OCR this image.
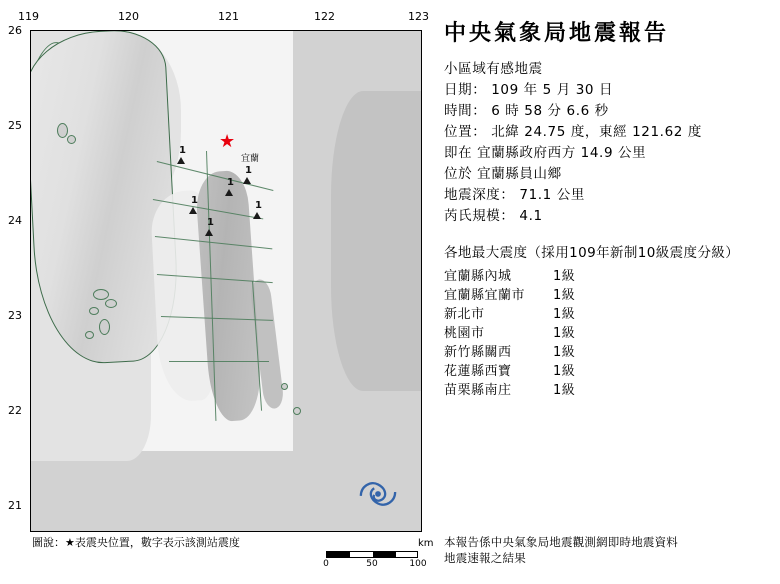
119	120	121	122	123
26
25
24
23
22
21
1
1
1
1
1
1
宜蘭
圖說：★表震央位置，數字表示該測站震度	km
0	50	100
中央氣象局地震報告
小區域有感地震
日期： 109 年 5 月 30 日
時間： 6 時 58 分 6.6 秒
位置： 北緯 24.75 度，東經 121.62 度
即在 宜蘭縣政府西方 14.9 公里
位於 宜蘭縣員山鄉
地震深度： 71.1 公里
芮氏規模： 4.1
各地最大震度（採用109年新制10級震度分級）
宜蘭縣內城	1級
宜蘭縣宜蘭市	1級
新北市	1級
桃園市	1級
新竹縣關西	1級
花蓮縣西寶	1級
苗栗縣南庄	1級
本報告係中央氣象局地震觀測網即時地震資料
地震速報之結果
